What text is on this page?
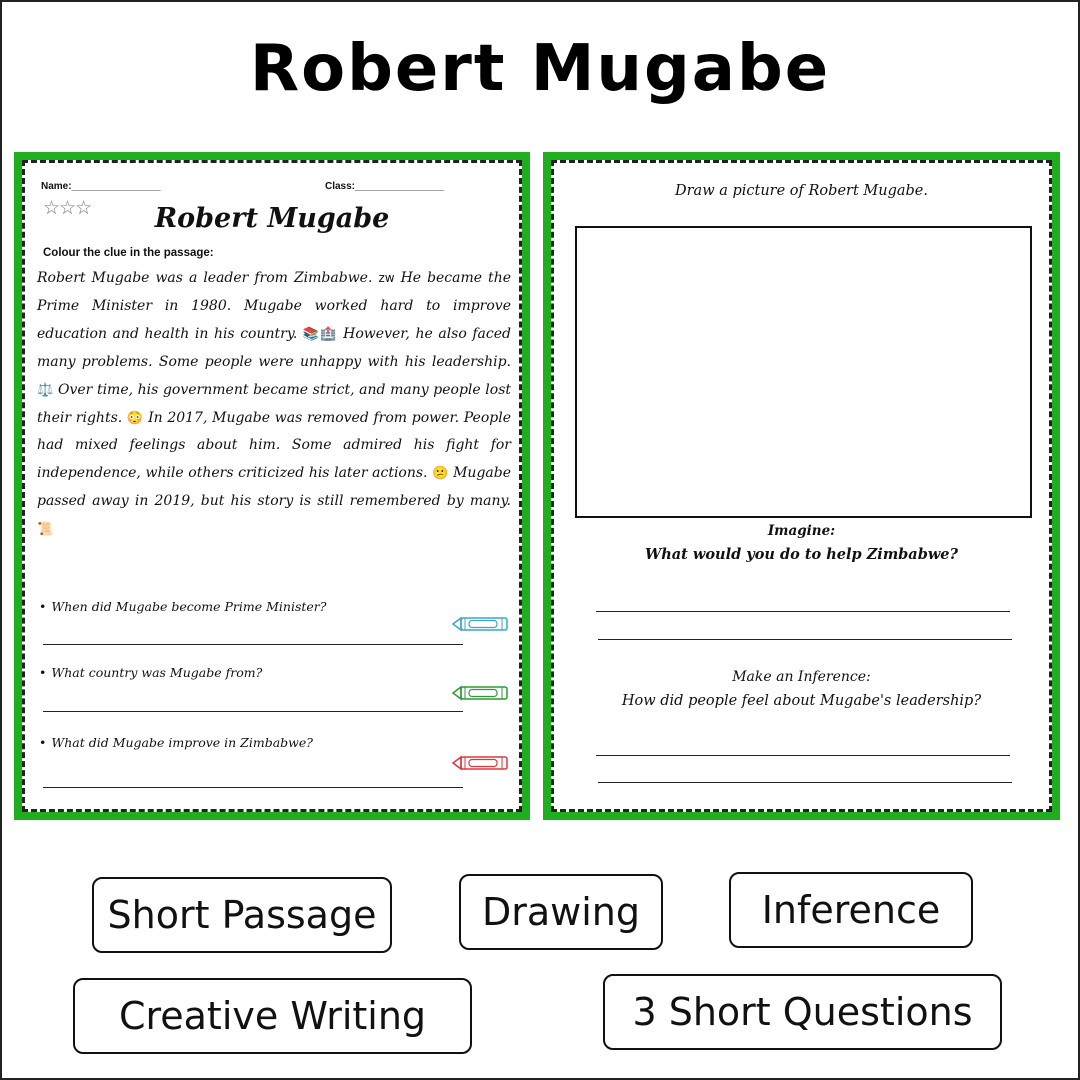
Robert Mugabe
Name:________________	Class:________________
☆☆☆	Robert Mugabe
Colour the clue in the passage:
Robert Mugabe was a leader from Zimbabwe. zw He became the Prime Minister in 1980. Mugabe worked hard to improve education and health in his country. 📚🏥 However, he also faced many problems. Some people were unhappy with his leadership. ⚖️ Over time, his government became strict, and many people lost their rights. 😳 In 2017, Mugabe was removed from power. People had mixed feelings about him. Some admired his fight for independence, while others criticized his later actions. 😕 Mugabe passed away in 2019, but his story is still remembered by many. 📜
• When did Mugabe become Prime Minister?
• What country was Mugabe from?
• What did Mugabe improve in Zimbabwe?
Draw a picture of Robert Mugabe.
Imagine:
What would you do to help Zimbabwe?
Make an Inference:
How did people feel about Mugabe's leadership?
Short Passage	Drawing	Inference
Creative Writing	3 Short Questions
